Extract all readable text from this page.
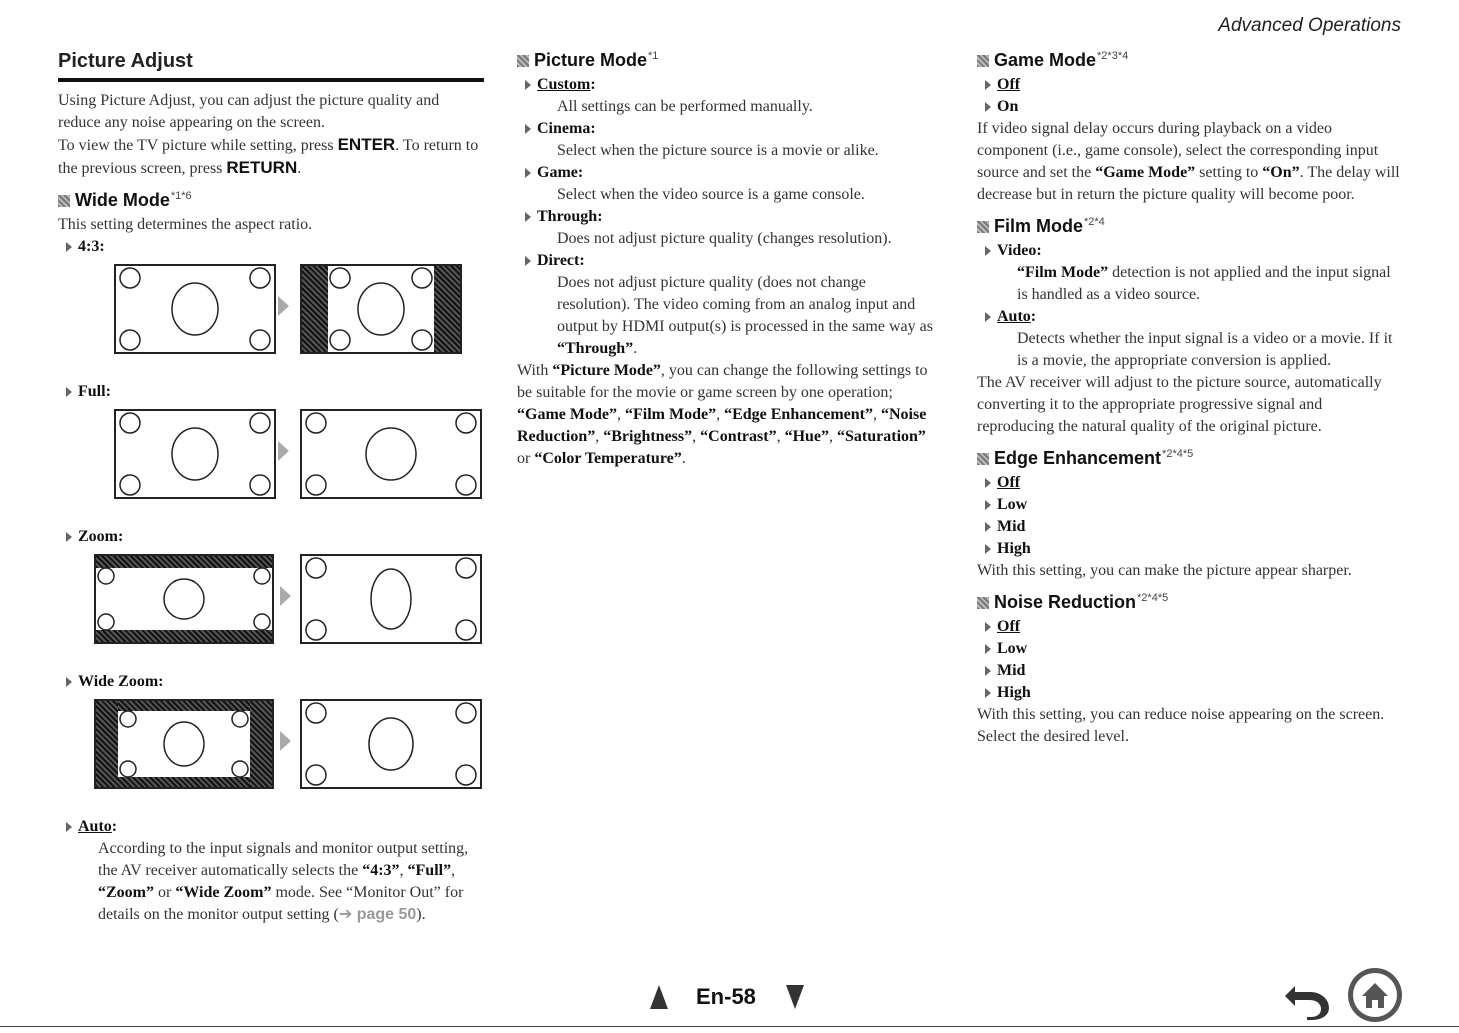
Advanced Operations
Picture Adjust

Using Picture Adjust, you can adjust the picture quality and reduce any noise appearing on the screen.

To view the TV picture while setting, press ENTER. To return to the previous screen, press RETURN.

Wide Mode$^{*1*6}$

This setting determines the aspect ratio.

4:3:
Full:
Zoom:
Wide Zoom:
Auto:
According to the input signals and monitor output setting, the AV receiver automatically selects the “4:3”, “Full”, “Zoom” or “Wide Zoom” mode. See “Monitor Out” for details on the monitor output setting (➔ page 50).
Picture Mode$^{*1}$
Custom:
All settings can be performed manually.
Cinema:
Select when the picture source is a movie or alike.
Game:
Select when the video source is a game console.
Through:
Does not adjust picture quality (changes resolution).
Direct:
Does not adjust picture quality (does not change resolution). The video coming from an analog input and output by HDMI output(s) is processed in the same way as “Through”.

With “Picture Mode”, you can change the following settings to be suitable for the movie or game screen by one operation; “Game Mode”, “Film Mode”, “Edge Enhancement”, “Noise Reduction”, “Brightness”, “Contrast”, “Hue”, “Saturation” or “Color Temperature”.

Game Mode$^{*2*3*4}$
Off
On

If video signal delay occurs during playback on a video component (i.e., game console), select the corresponding input source and set the “Game Mode” setting to “On”. The delay will decrease but in return the picture quality will become poor.

Film Mode$^{*2*4}$
Video:
“Film Mode” detection is not applied and the input signal is handled as a video source.
Auto:
Detects whether the input signal is a video or a movie. If it is a movie, the appropriate conversion is applied.

The AV receiver will adjust to the picture source, automatically converting it to the appropriate progressive signal and reproducing the natural quality of the original picture.

Edge Enhancement$^{*2*4*5}$
Off
Low
Mid
High

With this setting, you can make the picture appear sharper.

Noise Reduction$^{*2*4*5}$
Off
Low
Mid
High

With this setting, you can reduce noise appearing on the screen. Select the desired level.

En-58
